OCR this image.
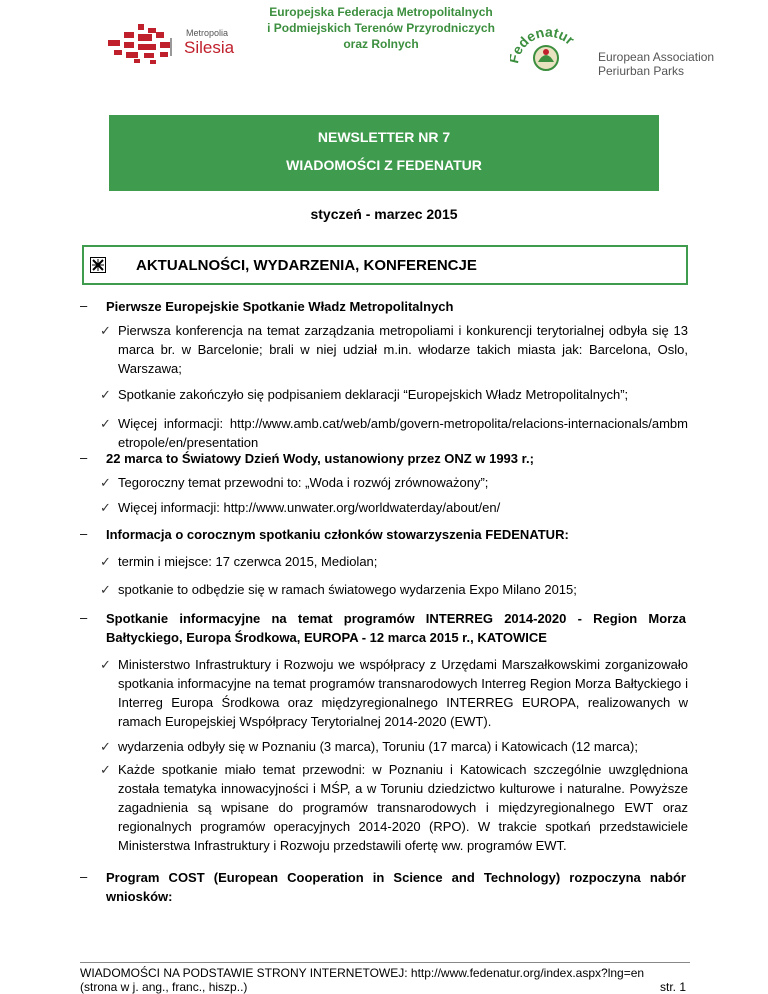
Metropolia
Silesia
Europejska Federacja Metropolitalnych
i Podmiejskich Terenów Przyrodniczych
oraz Rolnych	edenatur
European Association
Periurban Parks
NEWSLETTER NR 7
WIADOMOŚCI Z FEDENATUR
styczeń - marzec 2015
AKTUALNOŚCI, WYDARZENIA, KONFERENCJE
– Pierwsze Europejskie Spotkanie Władz Metropolitalnych
✓ Pierwsza konferencja na temat zarządzania metropoliami i konkurencji terytorialnej odbyła się 13 marca br. w Barcelonie; brali w niej udział m.in. włodarze takich miasta jak: Barcelona, Oslo, Warszawa;
✓ Spotkanie zakończyło się podpisaniem deklaracji “Europejskich Władz Metropolitalnych”;
✓ Więcej informacji: http://www.amb.cat/web/amb/govern-metropolita/relacions-internacionals/ambmetropole/en/presentation
– 22 marca to Światowy Dzień Wody, ustanowiony przez ONZ w 1993 r.;
✓ Tegoroczny temat przewodni to: „Woda i rozwój zrównoważony”;
✓ Więcej informacji: http://www.unwater.org/worldwaterday/about/en/
– Informacja o corocznym spotkaniu członków stowarzyszenia FEDENATUR:
✓ termin i miejsce: 17 czerwca 2015, Mediolan;
✓ spotkanie to odbędzie się w ramach światowego wydarzenia Expo Milano 2015;
– Spotkanie informacyjne na temat programów INTERREG 2014-2020 - Region Morza Bałtyckiego, Europa Środkowa, EUROPA - 12 marca 2015 r., KATOWICE
✓ Ministerstwo Infrastruktury i Rozwoju we współpracy z Urzędami Marszałkowskimi zorganizowało spotkania informacyjne na temat programów transnarodowych Interreg Region Morza Bałtyckiego i Interreg Europa Środkowa oraz międzyregionalnego INTERREG EUROPA, realizowanych w ramach Europejskiej Współpracy Terytorialnej 2014-2020 (EWT).
✓ wydarzenia odbyły się w Poznaniu (3 marca), Toruniu (17 marca) i Katowicach (12 marca);
✓ Każde spotkanie miało temat przewodni: w Poznaniu i Katowicach szczególnie uwzględniona została tematyka innowacyjności i MŚP, a w Toruniu dziedzictwo kulturowe i naturalne. Powyższe zagadnienia są wpisane do programów transnarodowych i międzyregionalnego EWT oraz regionalnych programów operacyjnych 2014-2020 (RPO). W trakcie spotkań przedstawiciele Ministerstwa Infrastruktury i Rozwoju przedstawili ofertę ww. programów EWT.
– Program COST (European Cooperation in Science and Technology) rozpoczyna nabór wniosków:
WIADOMOŚCI NA PODSTAWIE STRONY INTERNETOWEJ: http://www.fedenatur.org/index.aspx?lng=en
(strona w j. ang., franc., hiszp..)	str. 1
